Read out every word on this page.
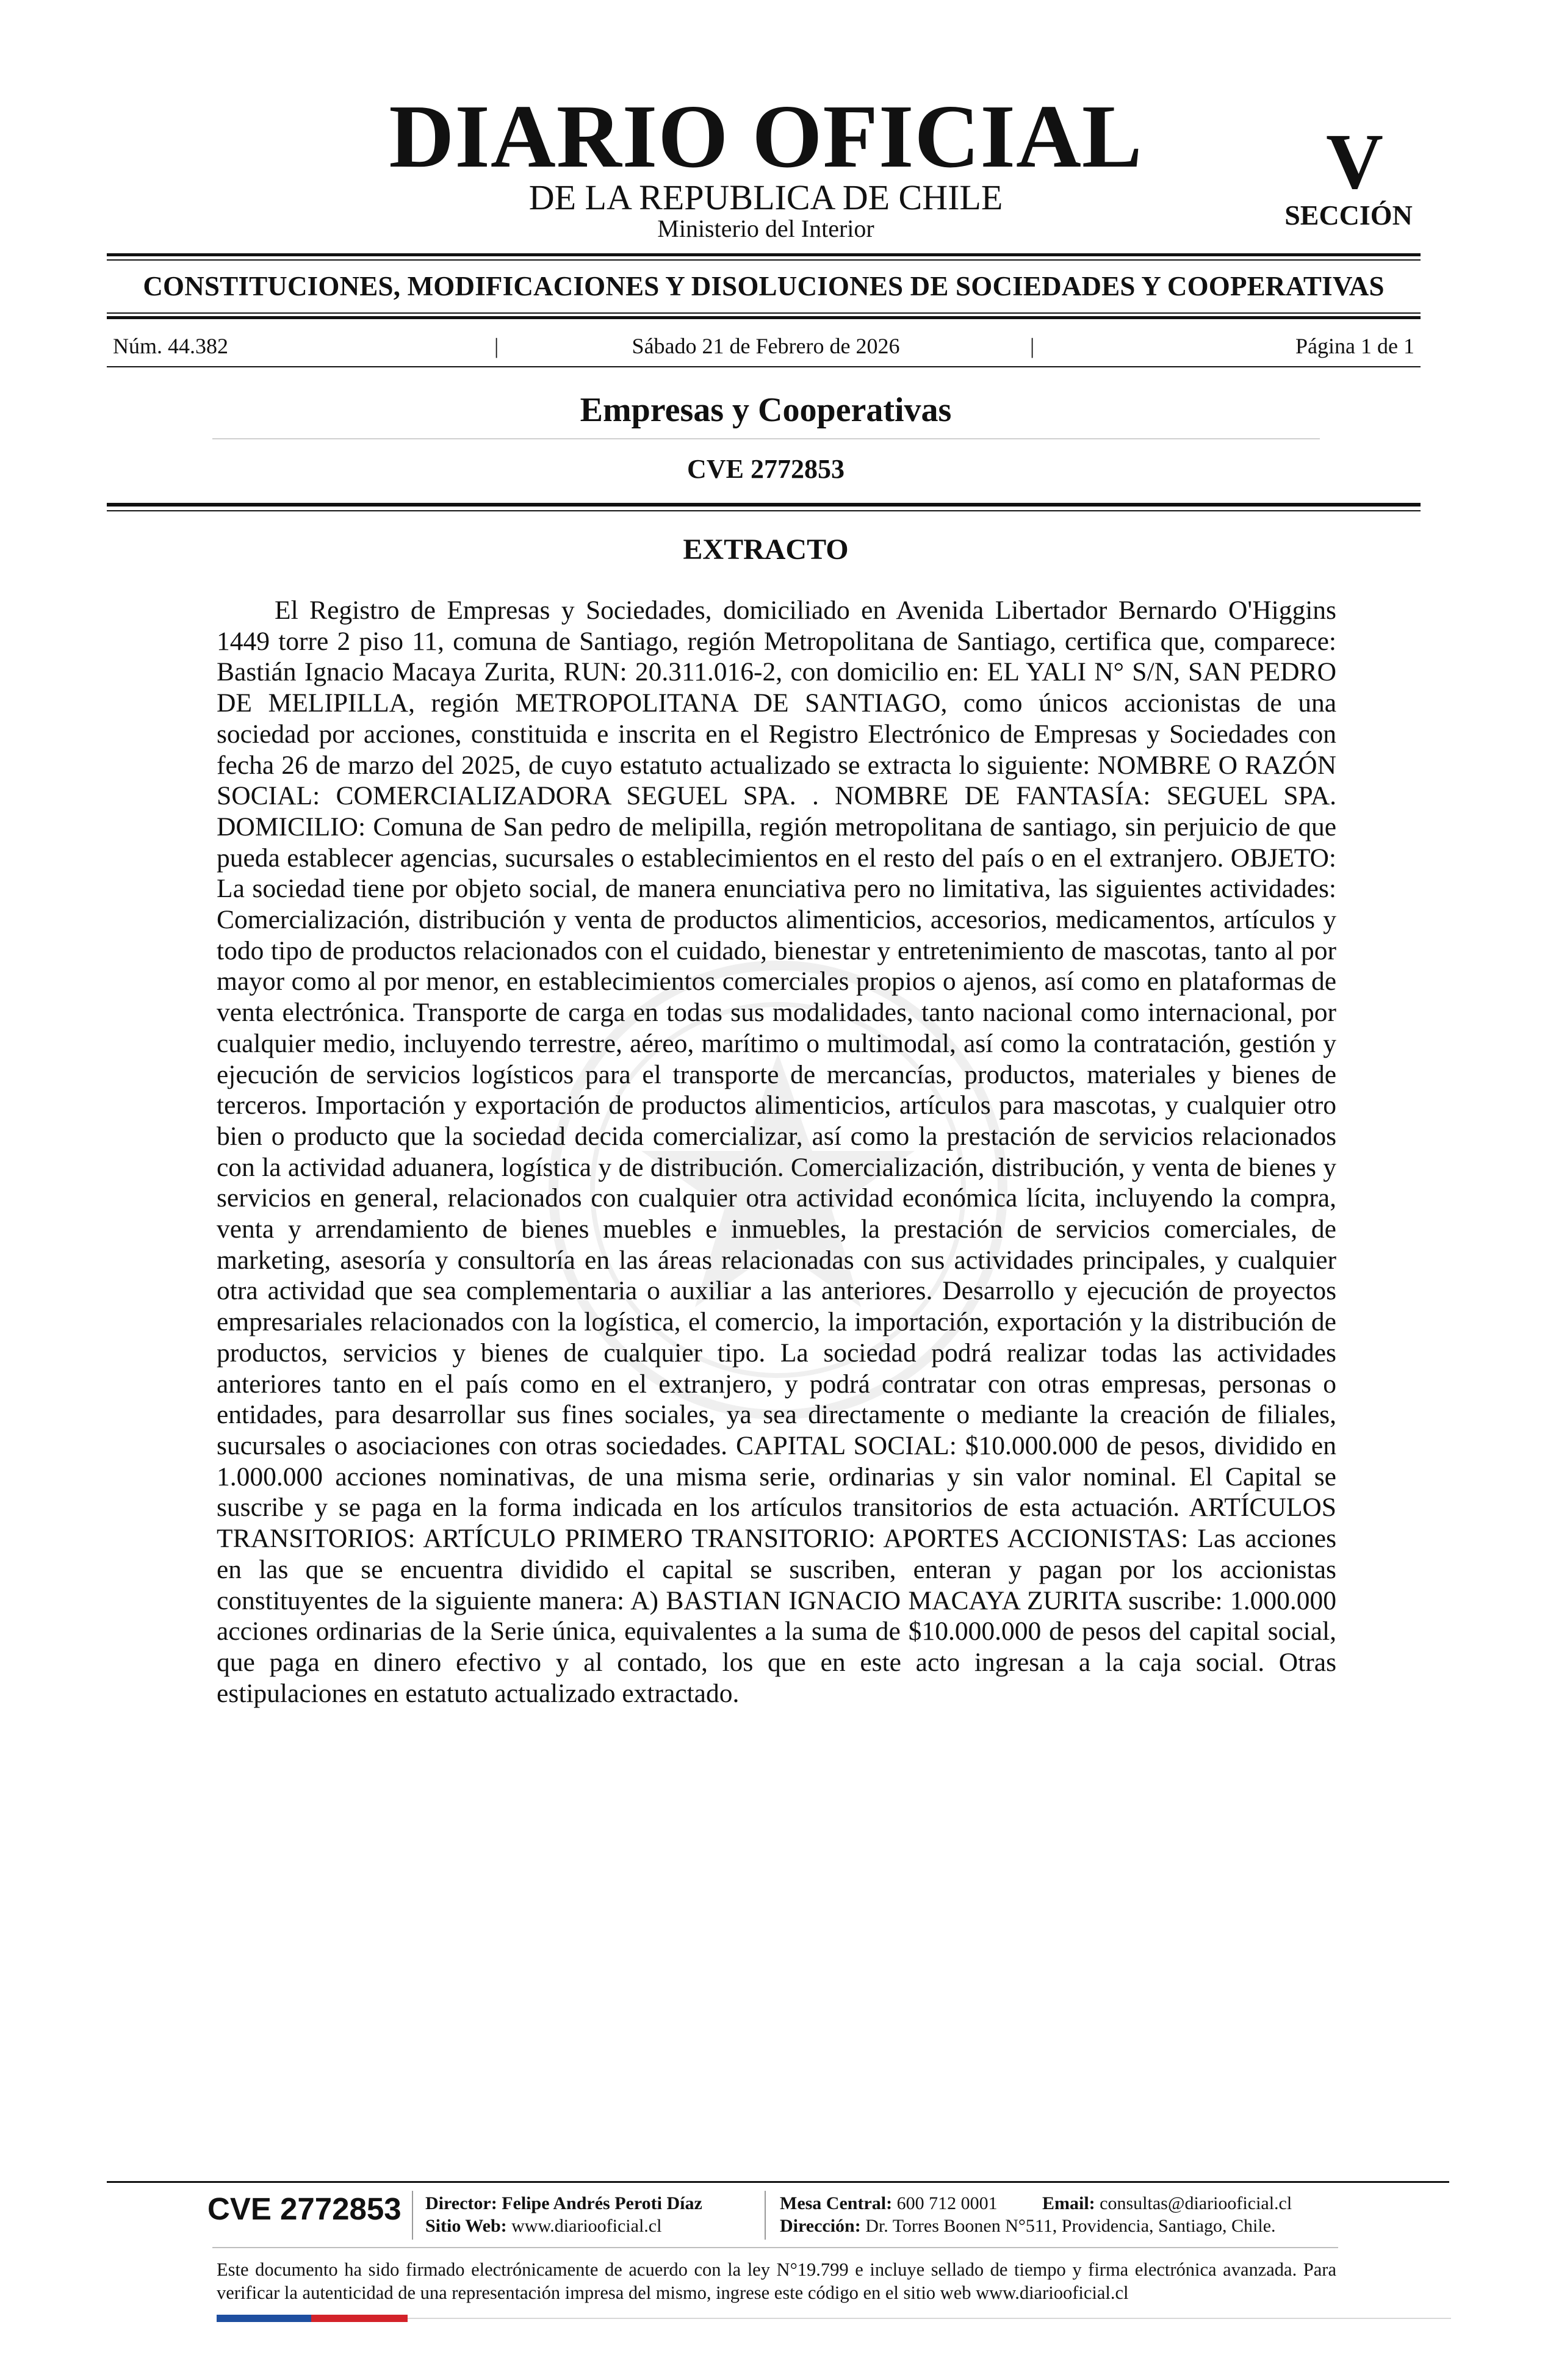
DIARIO OFICIAL
DE LA REPUBLICA DE CHILE
Ministerio del Interior
V
SECCIÓN
CONSTITUCIONES, MODIFICACIONES Y DISOLUCIONES DE SOCIEDADES Y COOPERATIVAS
Núm. 44.382	|	Sábado 21 de Febrero de 2026	|	Página 1 de 1
Empresas y Cooperativas
CVE 2772853
EXTRACTO

El Registro de Empresas y Sociedades, domiciliado en Avenida Libertador Bernardo O'Higgins 1449 torre 2 piso 11, comuna de Santiago, región Metropolitana de Santiago, certifica que, comparece: Bastián Ignacio Macaya Zurita, RUN: 20.311.016-2, con domicilio en: EL YALI N° S/N, SAN PEDRO DE MELIPILLA, región METROPOLITANA DE SANTIAGO, como únicos accionistas de una sociedad por acciones, constituida e inscrita en el Registro Electrónico de Empresas y Sociedades con fecha 26 de marzo del 2025, de cuyo estatuto actualizado se extracta lo siguiente: NOMBRE O RAZÓN SOCIAL: COMERCIALIZADORA SEGUEL SPA. . NOMBRE DE FANTASÍA: SEGUEL SPA. DOMICILIO: Comuna de San pedro de melipilla, región metropolitana de santiago, sin perjuicio de que pueda establecer agencias, sucursales o establecimientos en el resto del país o en el extranjero. OBJETO: La sociedad tiene por objeto social, de manera enunciativa pero no limitativa, las siguientes actividades: Comercialización, distribución y venta de productos alimenticios, accesorios, medicamentos, artículos y todo tipo de productos relacionados con el cuidado, bienestar y entretenimiento de mascotas, tanto al por mayor como al por menor, en establecimientos comerciales propios o ajenos, así como en plataformas de venta electrónica. Transporte de carga en todas sus modalidades, tanto nacional como internacional, por cualquier medio, incluyendo terrestre, aéreo, marítimo o multimodal, así como la contratación, gestión y ejecución de servicios logísticos para el transporte de mercancías, productos, materiales y bienes de terceros. Importación y exportación de productos alimenticios, artículos para mascotas, y cualquier otro bien o producto que la sociedad decida comercializar, así como la prestación de servicios relacionados con la actividad aduanera, logística y de distribución. Comercialización, distribución, y venta de bienes y servicios en general, relacionados con cualquier otra actividad económica lícita, incluyendo la compra, venta y arrendamiento de bienes muebles e inmuebles, la prestación de servicios comerciales, de marketing, asesoría y consultoría en las áreas relacionadas con sus actividades principales, y cualquier otra actividad que sea complementaria o auxiliar a las anteriores. Desarrollo y ejecución de proyectos empresariales relacionados con la logística, el comercio, la importación, exportación y la distribución de productos, servicios y bienes de cualquier tipo. La sociedad podrá realizar todas las actividades anteriores tanto en el país como en el extranjero, y podrá contratar con otras empresas, personas o entidades, para desarrollar sus fines sociales, ya sea directamente o mediante la creación de filiales, sucursales o asociaciones con otras sociedades. CAPITAL SOCIAL: $10.000.000 de pesos, dividido en 1.000.000 acciones nominativas, de una misma serie, ordinarias y sin valor nominal. El Capital se suscribe y se paga en la forma indicada en los artículos transitorios de esta actuación. ARTÍCULOS TRANSITORIOS: ARTÍCULO PRIMERO TRANSITORIO: APORTES ACCIONISTAS: Las acciones en las que se encuentra dividido el capital se suscriben, enteran y pagan por los accionistas constituyentes de la siguiente manera: A) BASTIAN IGNACIO MACAYA ZURITA suscribe: 1.000.000 acciones ordinarias de la Serie única, equivalentes a la suma de $10.000.000 de pesos del capital social, que paga en dinero efectivo y al contado, los que en este acto ingresan a la caja social. Otras estipulaciones en estatuto actualizado extractado.

CVE 2772853 Director: Felipe Andrés Peroti Díaz
Sitio Web: www.diariooficial.cl
Mesa Central: 600 712 0001 Email: consultas@diariooficial.cl
Dirección: Dr. Torres Boonen N°511, Providencia, Santiago, Chile.

Este documento ha sido firmado electrónicamente de acuerdo con la ley N°19.799 e incluye sellado de tiempo y firma electrónica avanzada. Para verificar la autenticidad de una representación impresa del mismo, ingrese este código en el sitio web www.diariooficial.cl
